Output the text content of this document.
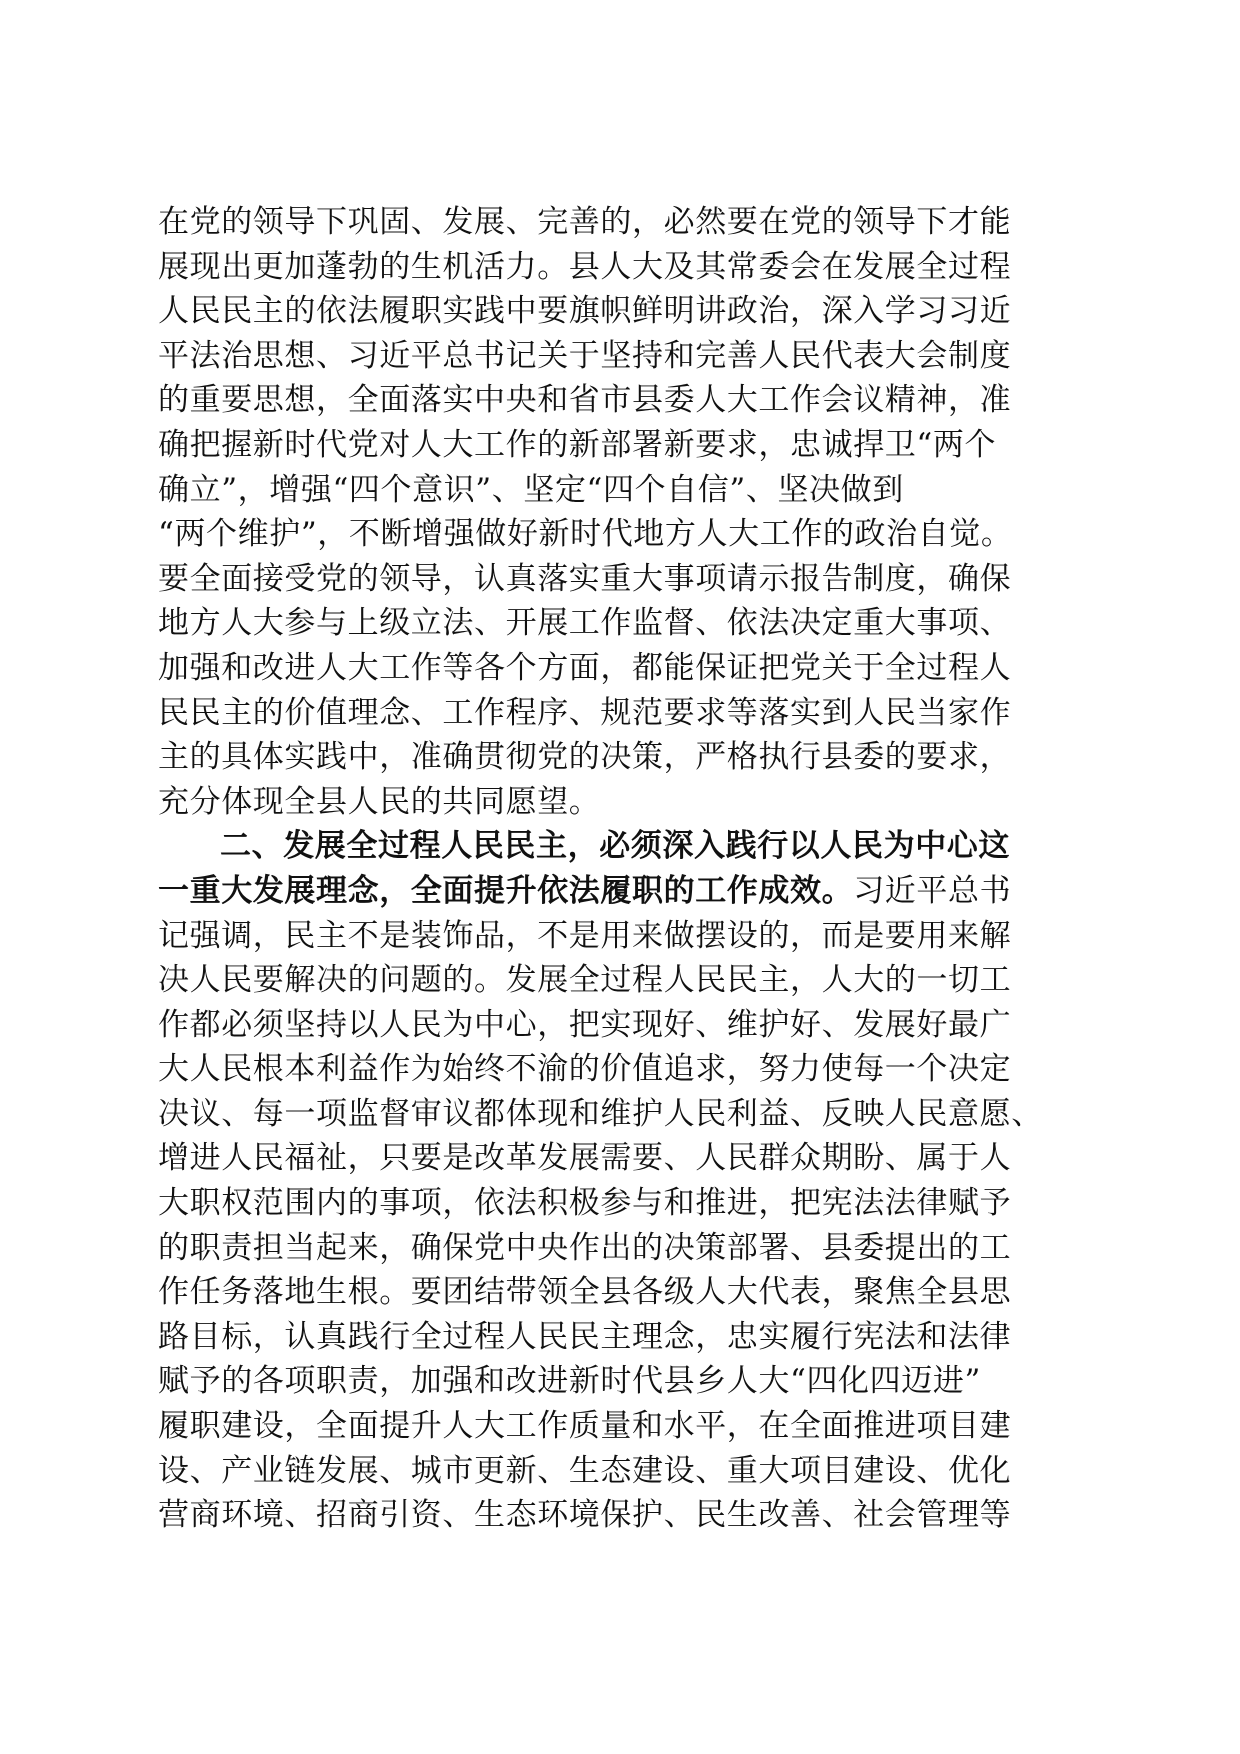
在党的领导下巩固、发展、完善的，必然要在党的领导下才能
展现出更加蓬勃的生机活力。县人大及其常委会在发展全过程
人民民主的依法履职实践中要旗帜鲜明讲政治，深入学习习近
平法治思想、习近平总书记关于坚持和完善人民代表大会制度
的重要思想，全面落实中央和省市县委人大工作会议精神，准
确把握新时代党对人大工作的新部署新要求，忠诚捍卫“两个
确立”，增强“四个意识”、坚定“四个自信”、坚决做到
“两个维护”，不断增强做好新时代地方人大工作的政治自觉。
要全面接受党的领导，认真落实重大事项请示报告制度，确保
地方人大参与上级立法、开展工作监督、依法决定重大事项、
加强和改进人大工作等各个方面，都能保证把党关于全过程人
民民主的价值理念、工作程序、规范要求等落实到人民当家作
主的具体实践中，准确贯彻党的决策，严格执行县委的要求，
充分体现全县人民的共同愿望。
二、发展全过程人民民主，必须深入践行以人民为中心这
一重大发展理念，全面提升依法履职的工作成效。习近平总书
记强调，民主不是装饰品，不是用来做摆设的，而是要用来解
决人民要解决的问题的。发展全过程人民民主，人大的一切工
作都必须坚持以人民为中心，把实现好、维护好、发展好最广
大人民根本利益作为始终不渝的价值追求，努力使每一个决定
决议、每一项监督审议都体现和维护人民利益、反映人民意愿、
增进人民福祉，只要是改革发展需要、人民群众期盼、属于人
大职权范围内的事项，依法积极参与和推进，把宪法法律赋予
的职责担当起来，确保党中央作出的决策部署、县委提出的工
作任务落地生根。要团结带领全县各级人大代表，聚焦全县思
路目标，认真践行全过程人民民主理念，忠实履行宪法和法律
赋予的各项职责，加强和改进新时代县乡人大“四化四迈进”
履职建设，全面提升人大工作质量和水平，在全面推进项目建
设、产业链发展、城市更新、生态建设、重大项目建设、优化
营商环境、招商引资、生态环境保护、民生改善、社会管理等
